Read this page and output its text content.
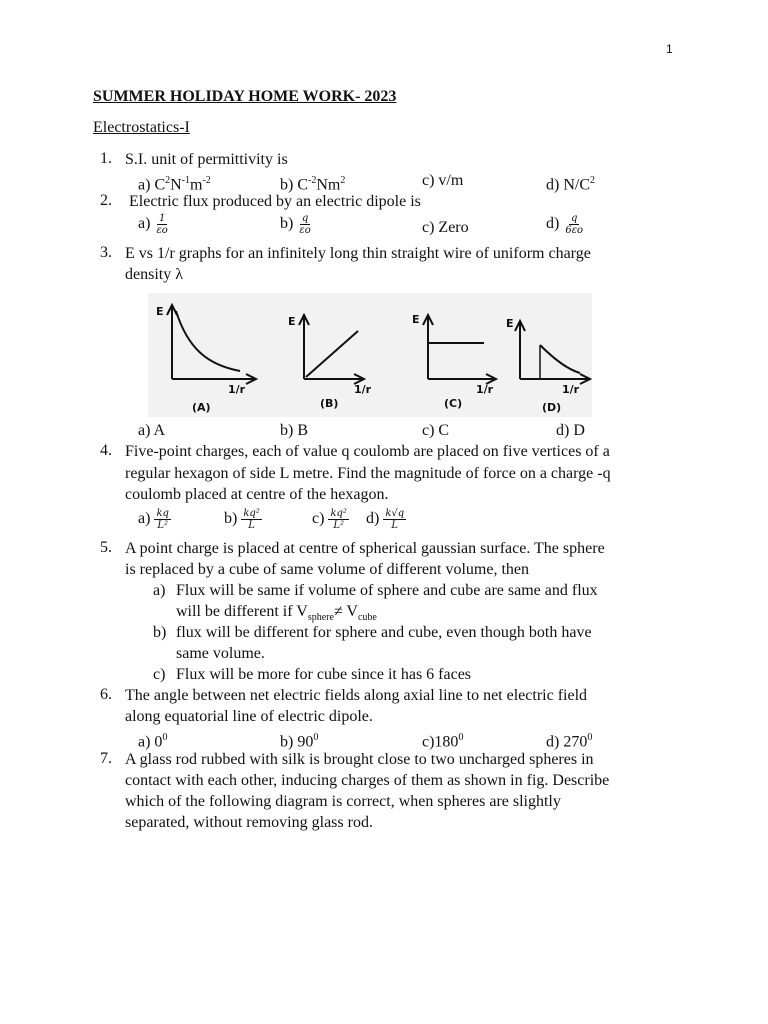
1
SUMMER HOLIDAY HOME WORK- 2023
Electrostatics-I
1. S.I. unit of permittivity is
a) $C^2N^{-1}m^{-2}$	b) $C^{-2}Nm^2$	c) v/m	d) $N/C^2$
2. Electric flux produced by an electric dipole is
$a) \frac{1}{\varepsilon o}$	$b) \frac{q}{\varepsilon o}$	c) Zero	$d) \frac{q}{6\varepsilon o}$
3. E vs 1/r graphs for an infinitely long thin straight wire of uniform charge
density λ
E
1/r
(A)
E
1/r
(B)
E
1/r
(C)
E
1/r
(D)
a) A	b) B	c) C	d) D
4. Five-point charges, each of value q coulomb are placed on five vertices of a
regular hexagon of side L metre. Find the magnitude of force on a charge -q
coulomb placed at centre of the hexagon.
$a) \frac{kq}{\text{L²}}$	$b) \frac{\text{kq²}}{L}$	$c) \frac{\text{kq²}}{\text{L²}} d) \frac{k√q}{L}$
5. A point charge is placed at centre of spherical gaussian surface. The sphere
is replaced by a cube of same volume of different volume, then
a) Flux will be same if volume of sphere and cube are same and flux
will be different if $V_{sphere}\ne V_{cube}$
b) flux will be different for sphere and cube, even though both have
same volume.
c) Flux will be more for cube since it has 6 faces
6. The angle between net electric fields along axial line to net electric field
along equatorial line of electric dipole.
a) $0^0$	b) $90^0$	$c)180^0$	d) $270^0$
7. A glass rod rubbed with silk is brought close to two uncharged spheres in
contact with each other, inducing charges of them as shown in fig. Describe
which of the following diagram is correct, when spheres are slightly
separated, without removing glass rod.
